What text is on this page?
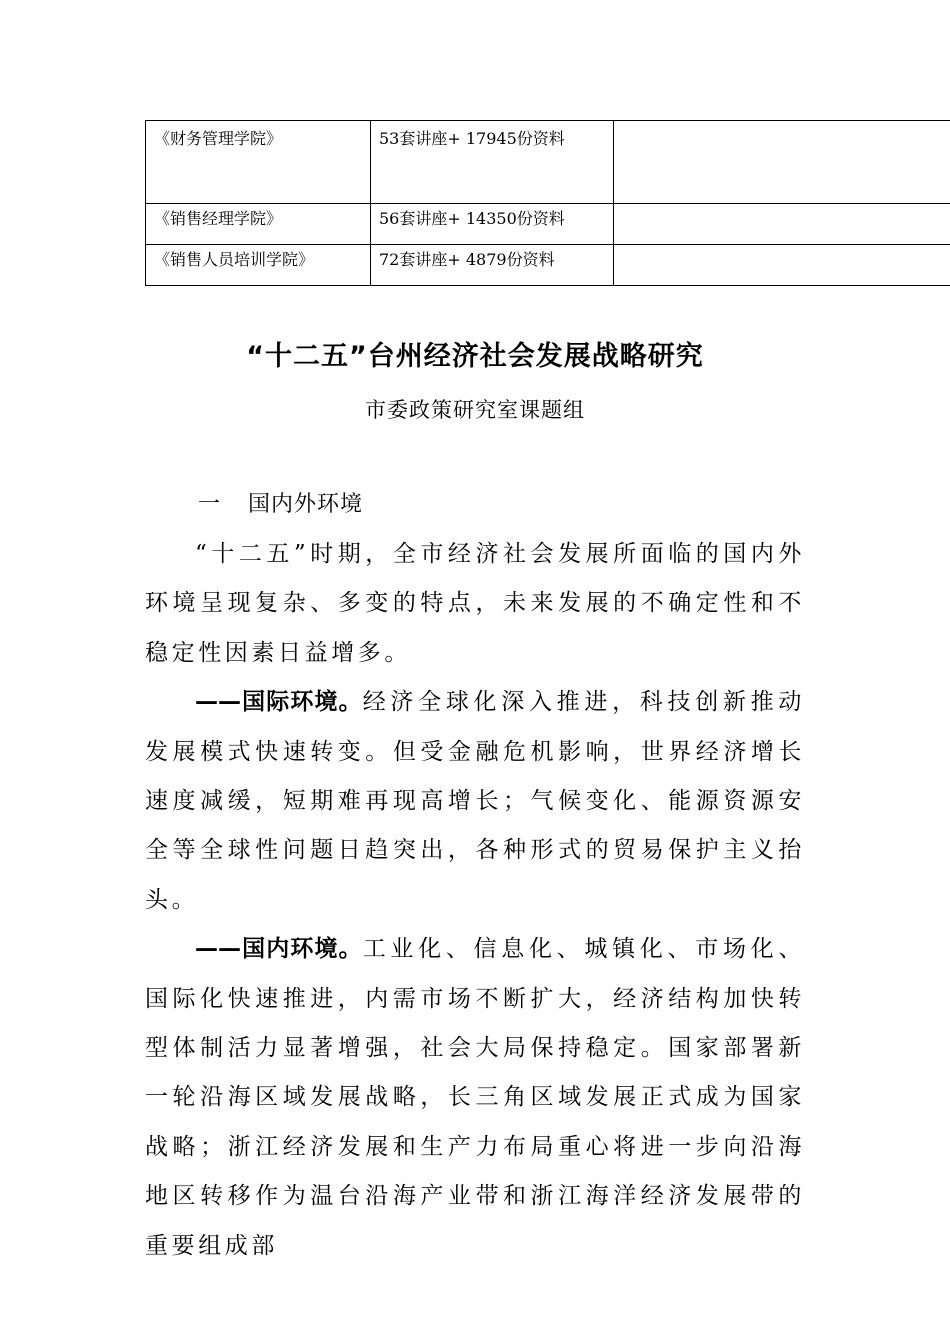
《财务管理学院》	53套讲座+ 17945份资料	
《销售经理学院》	56套讲座+ 14350份资料	
《销售人员培训学院》	72套讲座+ 4879份资料	
“十二五”台州经济社会发展战略研究
市委政策研究室课题组
一 国内外环境

“十二五”时期，全市经济社会发展所面临的国内外环境呈现复杂、多变的特点，未来发展的不确定性和不稳定性因素日益增多。

——国际环境。经济全球化深入推进，科技创新推动发展模式快速转变。但受金融危机影响，世界经济增长速度减缓，短期难再现高增长；气候变化、能源资源安全等全球性问题日趋突出，各种形式的贸易保护主义抬头。

——国内环境。工业化、信息化、城镇化、市场化、国际化快速推进，内需市场不断扩大，经济结构加快转型体制活力显著增强，社会大局保持稳定。国家部署新一轮沿海区域发展战略，长三角区域发展正式成为国家战略；浙江经济发展和生产力布局重心将进一步向沿海地区转移作为温台沿海产业带和浙江海洋经济发展带的重要组成部
